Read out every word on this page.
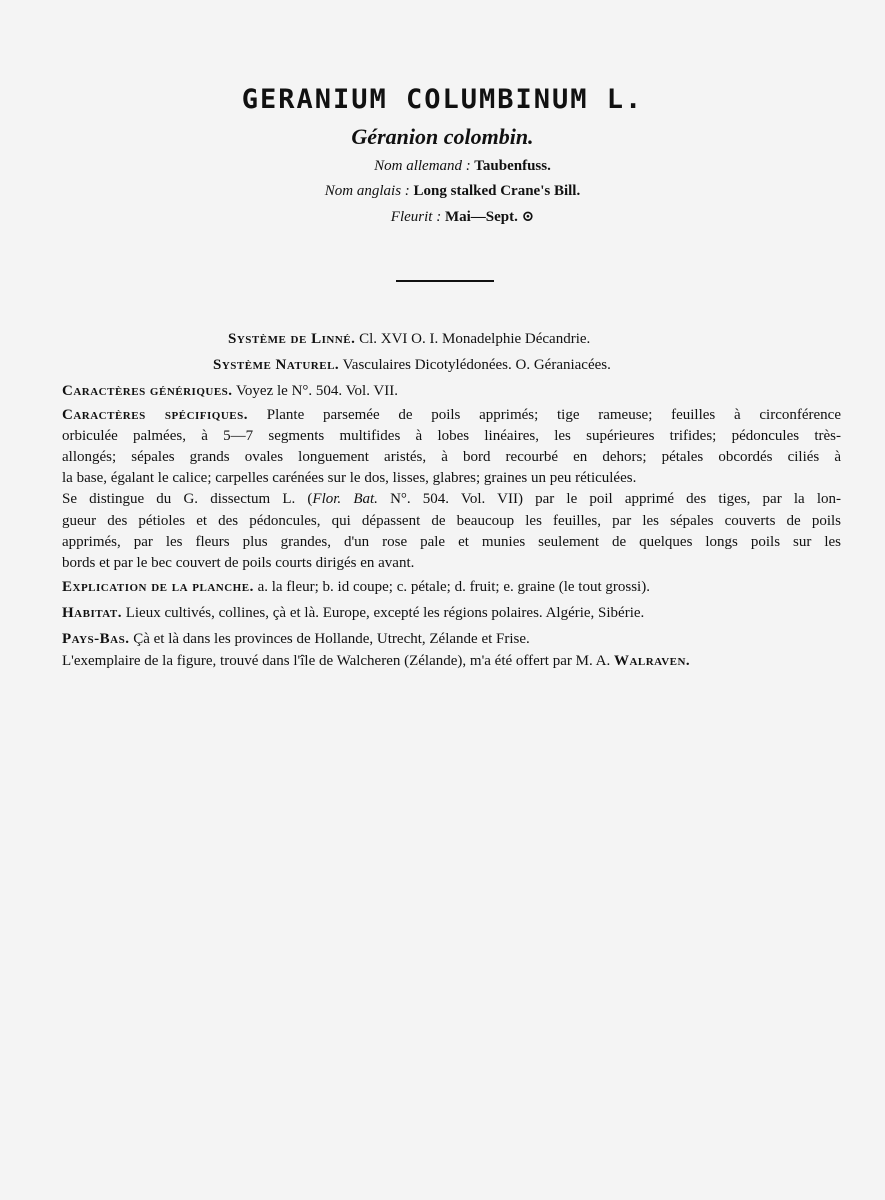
GERANIUM COLUMBINUM L.
Géranion colombin.
Nom allemand : Taubenfuss.
Nom anglais : Long stalked Crane's Bill.
Fleurit : Mai—Sept. ⊙
Système de Linné. Cl. XVI O. I. Monadelphie Décandrie.
Système Naturel. Vasculaires Dicotylédonées. O. Géraniacées.
Caractères génériques. Voyez le N°. 504. Vol. VII.
Caractères spécifiques. Plante parsemée de poils apprimés; tige rameuse; feuilles à circonférence
orbiculée palmées, à 5—7 segments multifides à lobes linéaires, les supérieures trifides; pédoncules très-
allongés; sépales grands ovales longuement aristés, à bord recourbé en dehors; pétales obcordés ciliés à
la base, égalant le calice; carpelles carénées sur le dos, lisses, glabres; graines un peu réticulées.
Se distingue du G. dissectum L. (Flor. Bat. N°. 504. Vol. VII) par le poil apprimé des tiges, par la lon-
gueur des pétioles et des pédoncules, qui dépassent de beaucoup les feuilles, par les sépales couverts de poils
apprimés, par les fleurs plus grandes, d'un rose pale et munies seulement de quelques longs poils sur les
bords et par le bec couvert de poils courts dirigés en avant.
Explication de la planche. a. la fleur; b. id coupe; c. pétale; d. fruit; e. graine (le tout grossi).
Habitat. Lieux cultivés, collines, çà et là. Europe, excepté les régions polaires. Algérie, Sibérie.
Pays-Bas. Çà et là dans les provinces de Hollande, Utrecht, Zélande et Frise.
L'exemplaire de la figure, trouvé dans l'île de Walcheren (Zélande), m'a été offert par M. A. Walraven.
